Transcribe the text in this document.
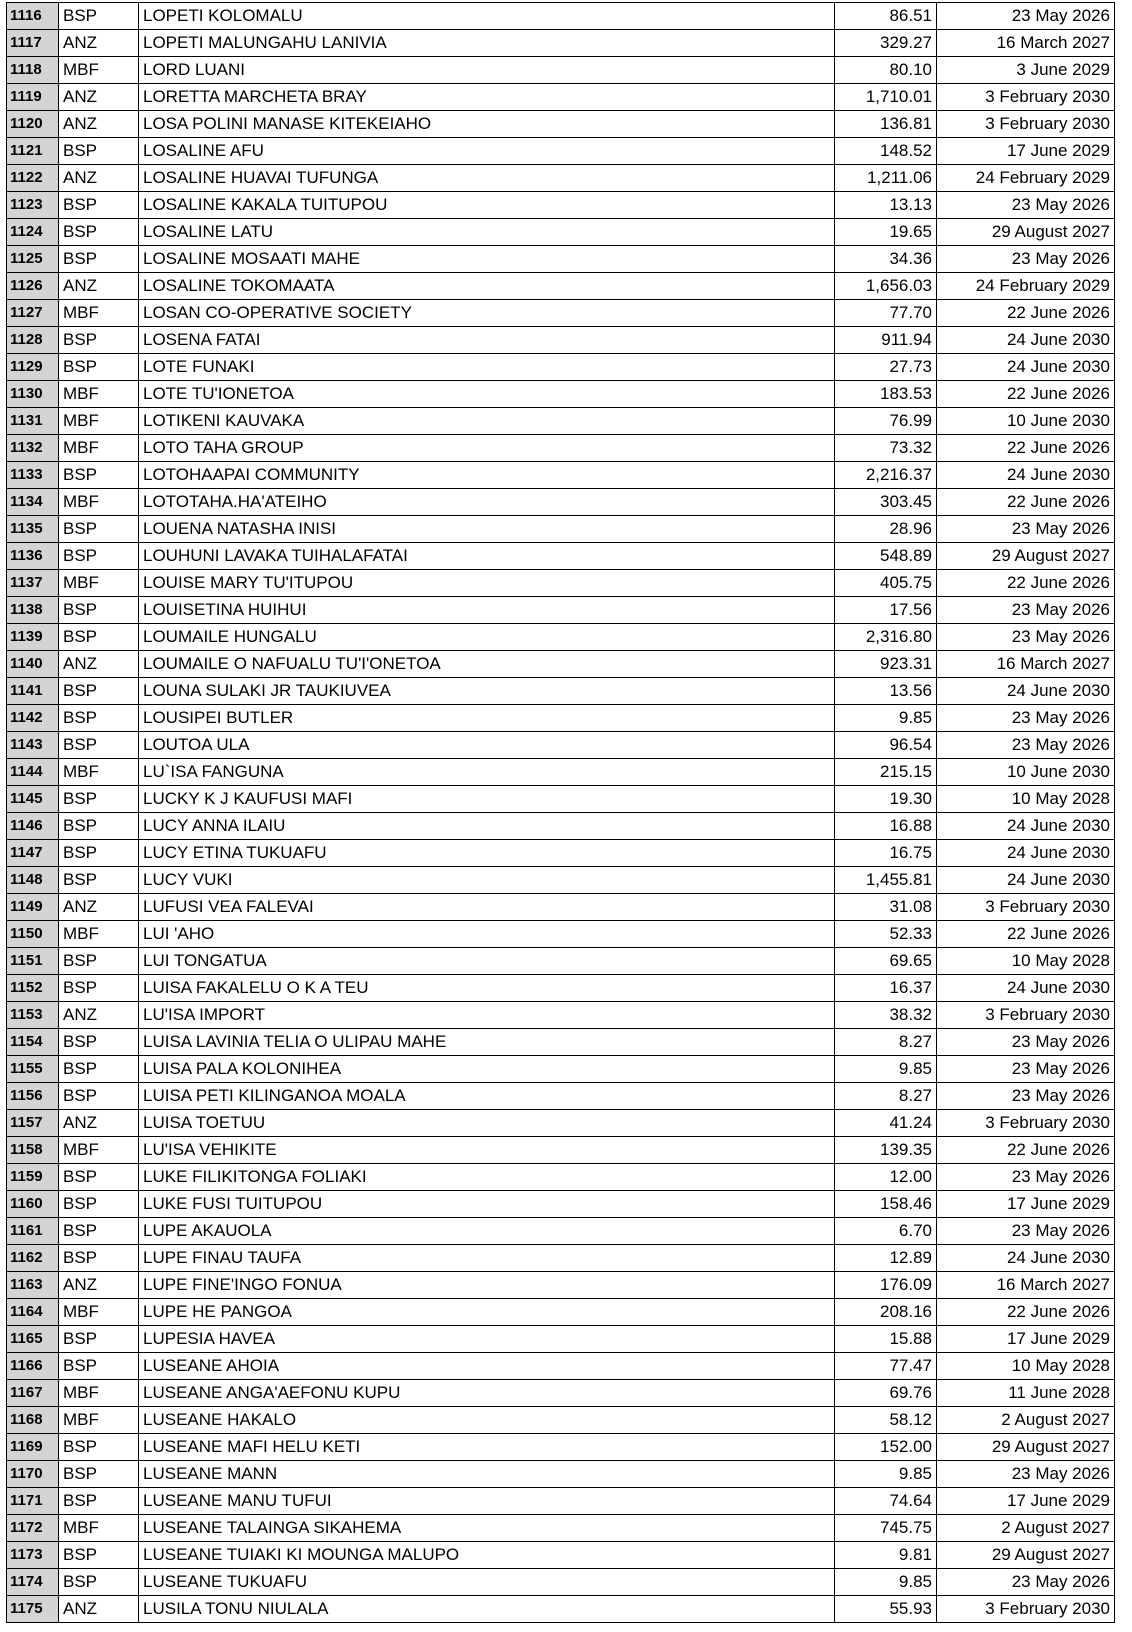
1116	BSP	LOPETI KOLOMALU	86.51	23 May 2026
1117	ANZ	LOPETI MALUNGAHU LANIVIA	329.27	16 March 2027
1118	MBF	LORD LUANI	80.10	3 June 2029
1119	ANZ	LORETTA MARCHETA BRAY	1,710.01	3 February 2030
1120	ANZ	LOSA POLINI MANASE KITEKEIAHO	136.81	3 February 2030
1121	BSP	LOSALINE AFU	148.52	17 June 2029
1122	ANZ	LOSALINE HUAVAI TUFUNGA	1,211.06	24 February 2029
1123	BSP	LOSALINE KAKALA TUITUPOU	13.13	23 May 2026
1124	BSP	LOSALINE LATU	19.65	29 August 2027
1125	BSP	LOSALINE MOSAATI MAHE	34.36	23 May 2026
1126	ANZ	LOSALINE TOKOMAATA	1,656.03	24 February 2029
1127	MBF	LOSAN CO-OPERATIVE SOCIETY	77.70	22 June 2026
1128	BSP	LOSENA FATAI	911.94	24 June 2030
1129	BSP	LOTE FUNAKI	27.73	24 June 2030
1130	MBF	LOTE TU'IONETOA	183.53	22 June 2026
1131	MBF	LOTIKENI KAUVAKA	76.99	10 June 2030
1132	MBF	LOTO TAHA GROUP	73.32	22 June 2026
1133	BSP	LOTOHAAPAI COMMUNITY	2,216.37	24 June 2030
1134	MBF	LOTOTAHA.HA'ATEIHO	303.45	22 June 2026
1135	BSP	LOUENA NATASHA INISI	28.96	23 May 2026
1136	BSP	LOUHUNI LAVAKA TUIHALAFATAI	548.89	29 August 2027
1137	MBF	LOUISE MARY TU'ITUPOU	405.75	22 June 2026
1138	BSP	LOUISETINA HUIHUI	17.56	23 May 2026
1139	BSP	LOUMAILE HUNGALU	2,316.80	23 May 2026
1140	ANZ	LOUMAILE O NAFUALU TU'I'ONETOA	923.31	16 March 2027
1141	BSP	LOUNA SULAKI JR TAUKIUVEA	13.56	24 June 2030
1142	BSP	LOUSIPEI BUTLER	9.85	23 May 2026
1143	BSP	LOUTOA ULA	96.54	23 May 2026
1144	MBF	LU`ISA FANGUNA	215.15	10 June 2030
1145	BSP	LUCKY K J KAUFUSI MAFI	19.30	10 May 2028
1146	BSP	LUCY ANNA ILAIU	16.88	24 June 2030
1147	BSP	LUCY ETINA TUKUAFU	16.75	24 June 2030
1148	BSP	LUCY VUKI	1,455.81	24 June 2030
1149	ANZ	LUFUSI VEA FALEVAI	31.08	3 February 2030
1150	MBF	LUI 'AHO	52.33	22 June 2026
1151	BSP	LUI TONGATUA	69.65	10 May 2028
1152	BSP	LUISA FAKALELU O K A TEU	16.37	24 June 2030
1153	ANZ	LU'ISA IMPORT	38.32	3 February 2030
1154	BSP	LUISA LAVINIA TELIA O ULIPAU MAHE	8.27	23 May 2026
1155	BSP	LUISA PALA KOLONIHEA	9.85	23 May 2026
1156	BSP	LUISA PETI KILINGANOA MOALA	8.27	23 May 2026
1157	ANZ	LUISA TOETUU	41.24	3 February 2030
1158	MBF	LU'ISA VEHIKITE	139.35	22 June 2026
1159	BSP	LUKE FILIKITONGA FOLIAKI	12.00	23 May 2026
1160	BSP	LUKE FUSI TUITUPOU	158.46	17 June 2029
1161	BSP	LUPE AKAUOLA	6.70	23 May 2026
1162	BSP	LUPE FINAU TAUFA	12.89	24 June 2030
1163	ANZ	LUPE FINE'INGO FONUA	176.09	16 March 2027
1164	MBF	LUPE HE PANGOA	208.16	22 June 2026
1165	BSP	LUPESIA HAVEA	15.88	17 June 2029
1166	BSP	LUSEANE AHOIA	77.47	10 May 2028
1167	MBF	LUSEANE ANGA'AEFONU KUPU	69.76	11 June 2028
1168	MBF	LUSEANE HAKALO	58.12	2 August 2027
1169	BSP	LUSEANE MAFI HELU KETI	152.00	29 August 2027
1170	BSP	LUSEANE MANN	9.85	23 May 2026
1171	BSP	LUSEANE MANU TUFUI	74.64	17 June 2029
1172	MBF	LUSEANE TALAINGA SIKAHEMA	745.75	2 August 2027
1173	BSP	LUSEANE TUIAKI KI MOUNGA MALUPO	9.81	29 August 2027
1174	BSP	LUSEANE TUKUAFU	9.85	23 May 2026
1175	ANZ	LUSILA TONU NIULALA	55.93	3 February 2030
